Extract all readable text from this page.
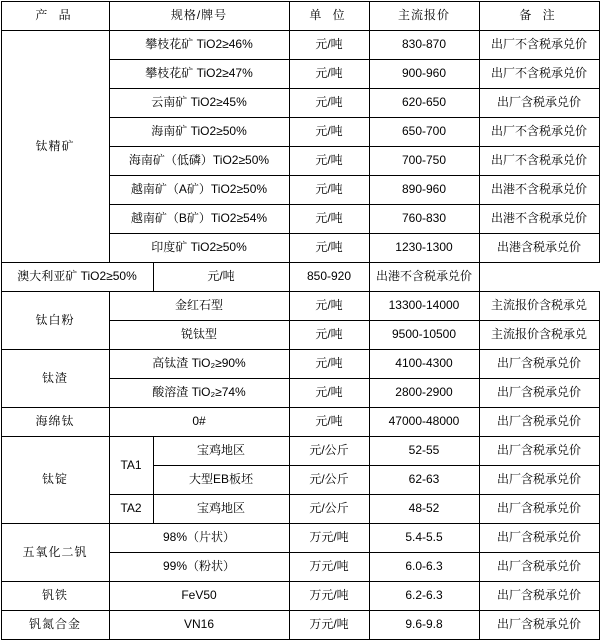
产 品	规格/牌号		单 位	主流报价	备 注
钛精矿	攀枝花矿 TiO2≥46%		元/吨	830-870	出厂不含税承兑价
	攀枝花矿 TiO2≥47%		元/吨	900-960	出厂不含税承兑价
	云南矿 TiO2≥45%		元/吨	620-650	出厂含税承兑价
	海南矿 TiO2≥50%		元/吨	650-700	出厂不含税承兑价
	海南矿（低磷）TiO2≥50%		元/吨	700-750	出厂不含税承兑价
	越南矿（A矿）TiO2≥50%		元/吨	890-960	出港不含税承兑价
	越南矿（B矿）TiO2≥54%		元/吨	760-830	出港不含税承兑价
	印度矿 TiO2≥50%		元/吨	1230-1300	出港含税承兑价
澳大利亚矿 TiO2≥50%		元/吨	850-920	出港不含税承兑价	
钛白粉	金红石型		元/吨	13300-14000	主流报价含税承兑
	锐钛型		元/吨	9500-10500	主流报价含税承兑
钛渣	高钛渣 TiO₂≥90%		元/吨	4100-4300	出厂含税承兑价
	酸溶渣 TiO₂≥74%		元/吨	2800-2900	出厂含税承兑价
海绵钛	0#		元/吨	47000-48000	出厂含税承兑价
钛锭	TA1	宝鸡地区	元/公斤	52-55	出厂含税承兑价
		大型EB板坯	元/公斤	62-63	出厂含税承兑价
	TA2	宝鸡地区	元/公斤	48-52	出厂含税承兑价
五氧化二钒	98%（片状）		万元/吨	5.4-5.5	出厂含税承兑价
	99%（粉状）		万元/吨	6.0-6.3	出厂含税承兑价
钒铁	FeV50		万元/吨	6.2-6.3	出厂含税承兑价
钒氮合金	VN16		万元/吨	9.6-9.8	出厂含税承兑价
